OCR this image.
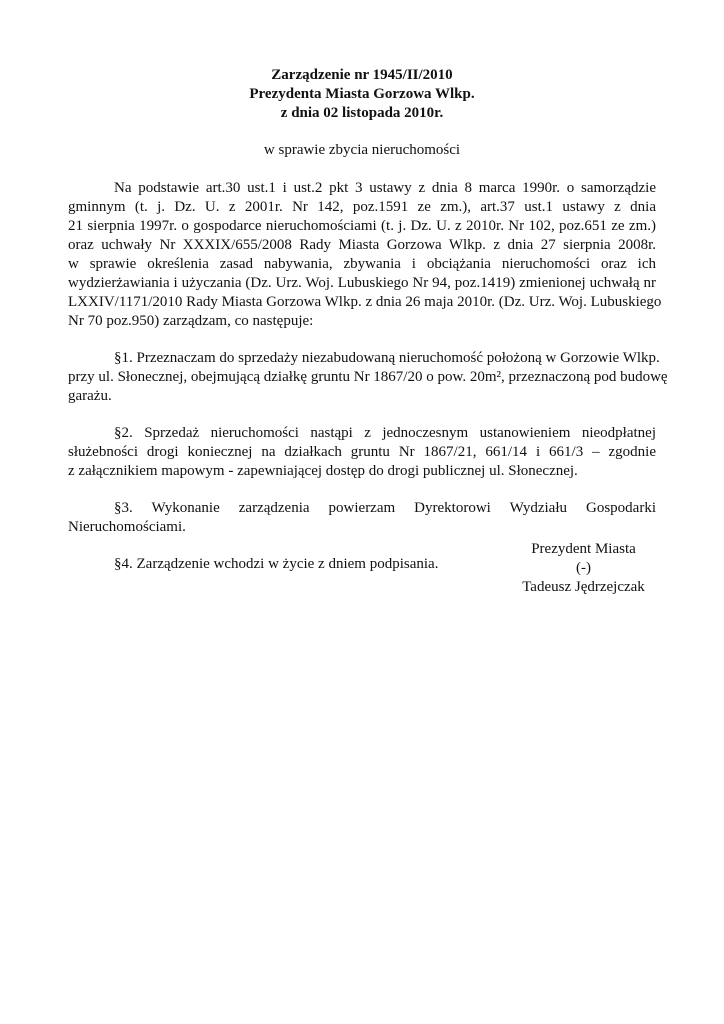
Zarządzenie nr 1945/II/2010
Prezydenta Miasta Gorzowa Wlkp.
z dnia 02 listopada 2010r.
w sprawie zbycia nieruchomości
Na podstawie art.30 ust.1 i ust.2 pkt 3 ustawy z dnia 8 marca 1990r. o samorządzie
gminnym (t. j. Dz. U. z 2001r. Nr 142, poz.1591 ze zm.), art.37 ust.1 ustawy z dnia
21 sierpnia 1997r. o gospodarce nieruchomościami (t. j. Dz. U. z 2010r. Nr 102, poz.651 ze zm.)
oraz uchwały Nr XXXIX/655/2008 Rady Miasta Gorzowa Wlkp. z dnia 27 sierpnia 2008r.
w sprawie określenia zasad nabywania, zbywania i obciążania nieruchomości oraz ich
wydzierżawiania i użyczania (Dz. Urz. Woj. Lubuskiego Nr 94, poz.1419) zmienionej uchwałą nr
LXXIV/1171/2010 Rady Miasta Gorzowa Wlkp. z dnia 26 maja 2010r. (Dz. Urz. Woj. Lubuskiego
Nr 70 poz.950) zarządzam, co następuje:
§1. Przeznaczam do sprzedaży niezabudowaną nieruchomość położoną w Gorzowie Wlkp.
przy ul. Słonecznej, obejmującą działkę gruntu Nr 1867/20 o pow. 20m², przeznaczoną pod budowę
garażu.
§2. Sprzedaż nieruchomości nastąpi z jednoczesnym ustanowieniem nieodpłatnej
służebności drogi koniecznej na działkach gruntu Nr 1867/21, 661/14 i 661/3 – zgodnie
z załącznikiem mapowym - zapewniającej dostęp do drogi publicznej ul. Słonecznej.
§3. Wykonanie zarządzenia powierzam Dyrektorowi Wydziału Gospodarki
Nieruchomościami.
§4. Zarządzenie wchodzi w życie z dniem podpisania.
Prezydent Miasta
(-)
Tadeusz Jędrzejczak
